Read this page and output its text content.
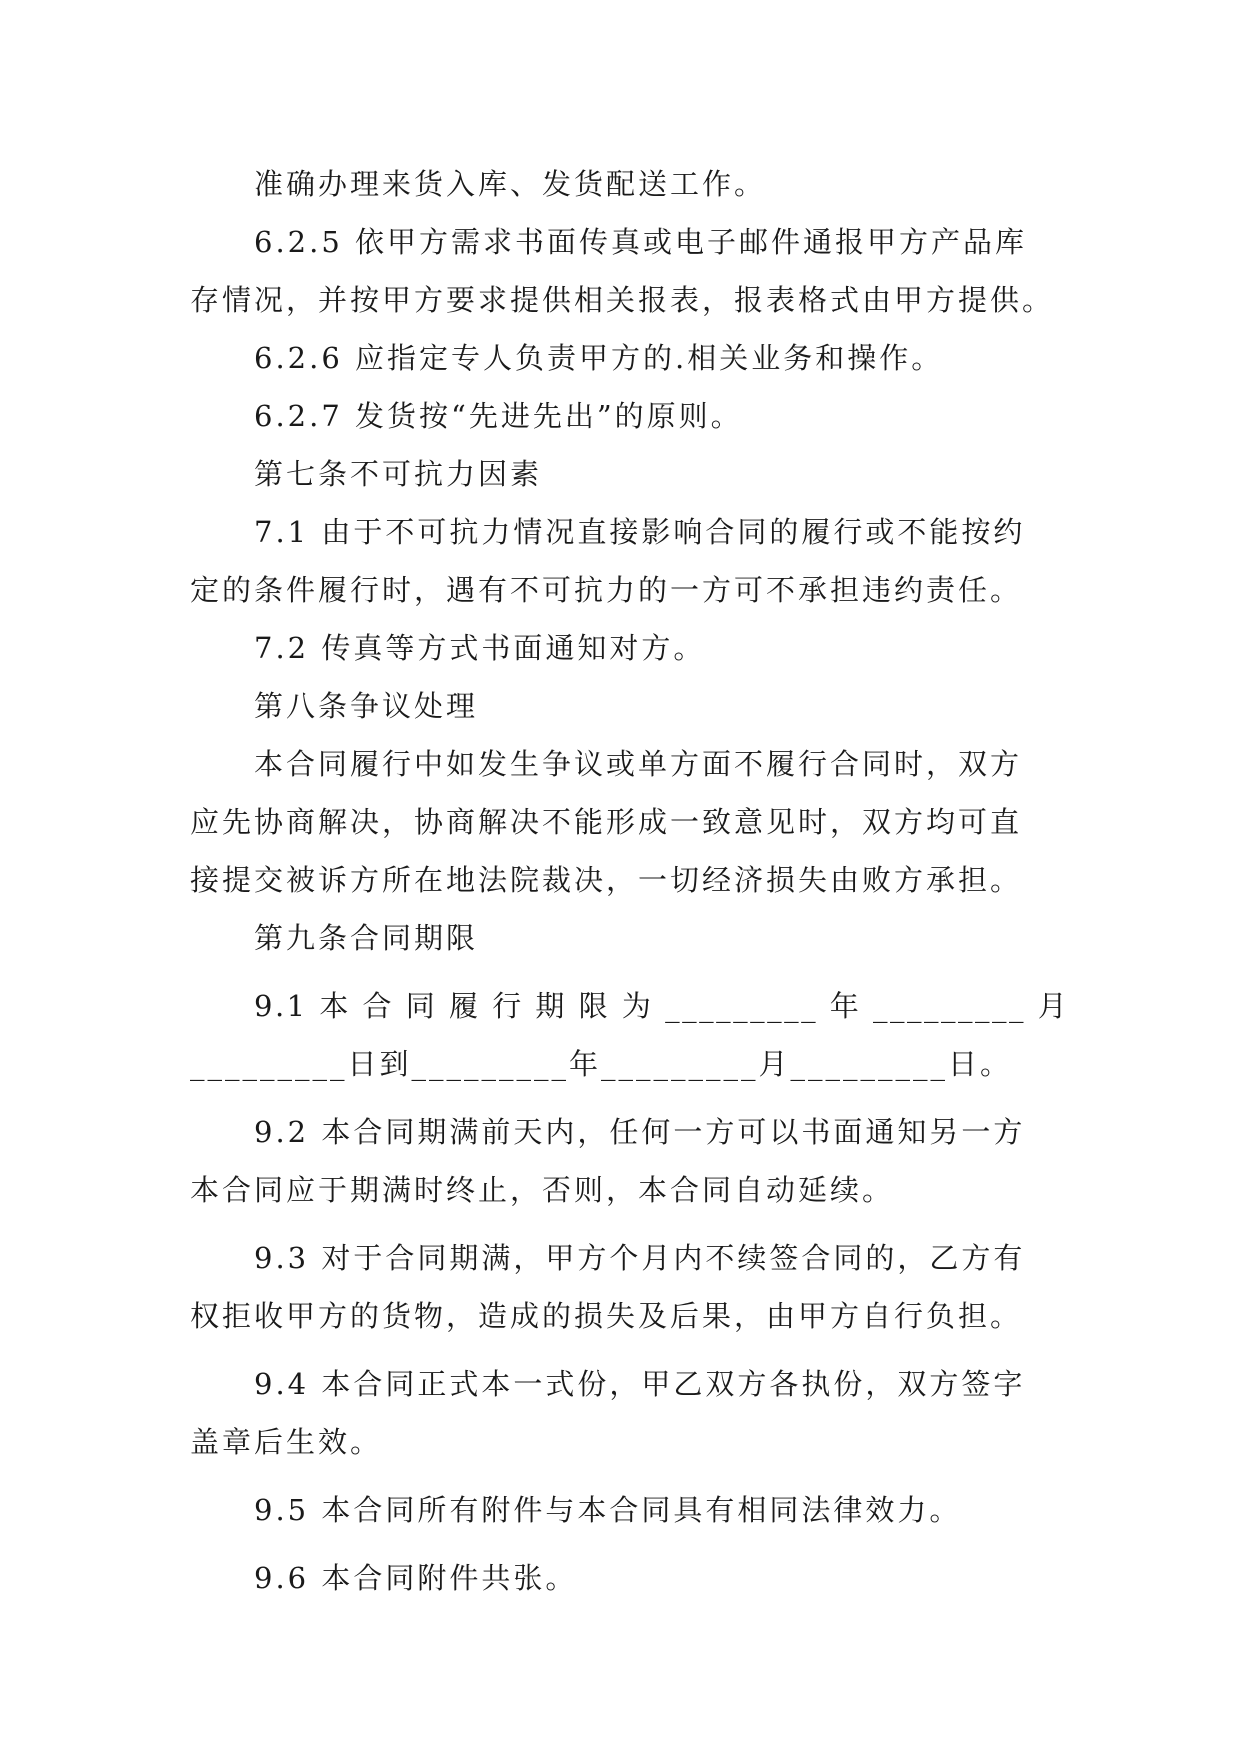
准确办理来货入库、发货配送工作。
6.2.5 依甲方需求书面传真或电子邮件通报甲方产品库
存情况，并按甲方要求提供相关报表，报表格式由甲方提供。
6.2.6 应指定专人负责甲方的.相关业务和操作。
6.2.7 发货按“先进先出”的原则。
第七条不可抗力因素
7.1 由于不可抗力情况直接影响合同的履行或不能按约
定的条件履行时，遇有不可抗力的一方可不承担违约责任。
7.2 传真等方式书面通知对方。
第八条争议处理
本合同履行中如发生争议或单方面不履行合同时，双方
应先协商解决，协商解决不能形成一致意见时，双方均可直
接提交被诉方所在地法院裁决，一切经济损失由败方承担。
第九条合同期限
9.1 本 合 同 履 行 期 限 为 _________ 年 _________ 月
_________日到_________年_________月_________日。
9.2 本合同期满前天内，任何一方可以书面通知另一方
本合同应于期满时终止，否则，本合同自动延续。
9.3 对于合同期满，甲方个月内不续签合同的，乙方有
权拒收甲方的货物，造成的损失及后果，由甲方自行负担。
9.4 本合同正式本一式份，甲乙双方各执份，双方签字
盖章后生效。
9.5 本合同所有附件与本合同具有相同法律效力。
9.6 本合同附件共张。
